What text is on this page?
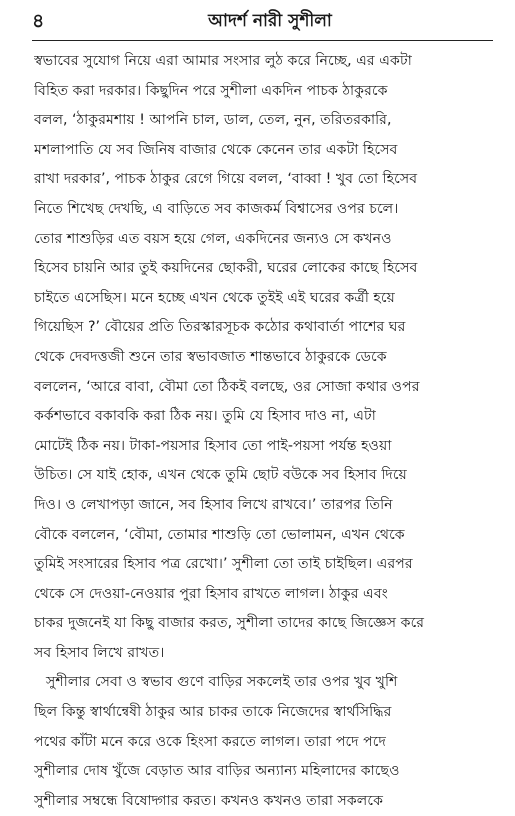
৪	আদর্শ নারী সুশীলা
স্বভাবের সুযোগ নিয়ে এরা আমার সংসার লুঠ করে নিচ্ছে, এর একটা
বিহিত করা দরকার। কিছুদিন পরে সুশীলা একদিন পাচক ঠাকুরকে
বলল, ‘ঠাকুরমশায় ! আপনি চাল, ডাল, তেল, নুন, তরিতরকারি,
মশলাপাতি যে সব জিনিষ বাজার থেকে কেনেন তার একটা হিসেব
রাখা দরকার’, পাচক ঠাকুর রেগে গিয়ে বলল, ‘বাব্বা ! খুব তো হিসেব
নিতে শিখেছ দেখছি, এ বাড়িতে সব কাজকর্ম বিশ্বাসের ওপর চলে।
তোর শাশুড়ির এত বয়স হয়ে গেল, একদিনের জন্যও সে কখনও
হিসেব চায়নি আর তুই কয়দিনের ছোকরী, ঘরের লোকের কাছে হিসেব
চাইতে এসেছিস। মনে হচ্ছে এখন থেকে তুইই এই ঘরের কর্ত্রী হয়ে
গিয়েছিস ?’ বৌয়ের প্রতি তিরস্কারসূচক কঠোর কথাবার্তা পাশের ঘর
থেকে দেবদত্তজী শুনে তার স্বভাবজাত শান্তভাবে ঠাকুরকে ডেকে
বললেন, ‘আরে বাবা, বৌমা তো ঠিকই বলছে, ওর সোজা কথার ওপর
কর্কশভাবে বকাবকি করা ঠিক নয়। তুমি যে হিসাব দাও না, এটা
মোটেই ঠিক নয়। টাকা-পয়সার হিসাব তো পাই-পয়সা পর্যন্ত হওয়া
উচিত। সে যাই হোক, এখন থেকে তুমি ছোট বউকে সব হিসাব দিয়ে
দিও। ও লেখাপড়া জানে, সব হিসাব লিখে রাখবে।’ তারপর তিনি
বৌকে বললেন, ‘বৌমা, তোমার শাশুড়ি তো ভোলামন, এখন থেকে
তুমিই সংসারের হিসাব পত্র রেখো।’ সুশীলা তো তাই চাইছিল। এরপর
থেকে সে দেওয়া-নেওয়ার পুরা হিসাব রাখতে লাগল। ঠাকুর এবং
চাকর দুজনেই যা কিছু বাজার করত, সুশীলা তাদের কাছে জিজ্ঞেস করে
সব হিসাব লিখে রাখত।
সুশীলার সেবা ও স্বভাব গুণে বাড়ির সকলেই তার ওপর খুব খুশি
ছিল কিন্তু স্বার্থান্বেষী ঠাকুর আর চাকর তাকে নিজেদের স্বার্থসিদ্ধির
পথের কাঁটা মনে করে ওকে হিংসা করতে লাগল। তারা পদে পদে
সুশীলার দোষ খুঁজে বেড়াত আর বাড়ির অন্যান্য মহিলাদের কাছেও
সুশীলার সম্বন্ধে বিষোদ্গার করত। কখনও কখনও তারা সকলকে
